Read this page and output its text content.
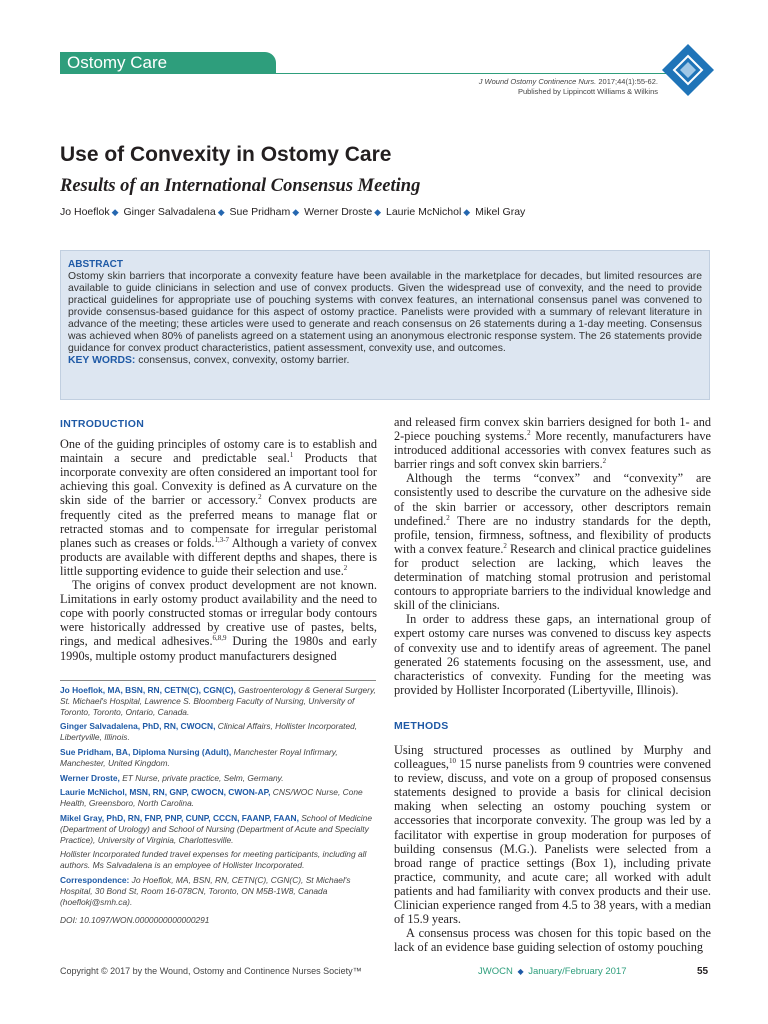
Ostomy Care
J Wound Ostomy Continence Nurs. 2017;44(1):55-62.
Published by Lippincott Williams & Wilkins
Use of Convexity in Ostomy Care
Results of an International Consensus Meeting
Jo Hoeflok ◆ Ginger Salvadalena ◆ Sue Pridham ◆ Werner Droste ◆ Laurie McNichol ◆ Mikel Gray
ABSTRACT
Ostomy skin barriers that incorporate a convexity feature have been available in the marketplace for decades, but limited resources are available to guide clinicians in selection and use of convex products. Given the widespread use of convexity, and the need to provide practical guidelines for appropriate use of pouching systems with convex features, an international consensus panel was convened to provide consensus-based guidance for this aspect of ostomy practice. Panelists were provided with a summary of relevant literature in advance of the meeting; these articles were used to generate and reach consensus on 26 statements during a 1-day meeting. Consensus was achieved when 80% of panelists agreed on a statement using an anonymous electronic response system. The 26 statements provide guidance for convex product characteristics, patient assessment, convexity use, and outcomes.
KEY WORDS: consensus, convex, convexity, ostomy barrier.
INTRODUCTION

One of the guiding principles of ostomy care is to establish and maintain a secure and predictable seal.$^1$ Products that incorporate convexity are often considered an important tool for achieving this goal. Convexity is defined as A curvature on the skin side of the barrier or accessory.$^2$ Convex products are frequently cited as the preferred means to manage flat or retracted stomas and to compensate for irregular peristomal planes such as creases or folds.$^{1,3-7}$ Although a variety of convex products are available with different depths and shapes, there is little supporting evidence to guide their selection and use.$^2$

The origins of convex product development are not known. Limitations in early ostomy product availability and the need to cope with poorly constructed stomas or irregular body contours were historically addressed by creative use of pastes, belts, rings, and medical adhesives.$^{6,8,9}$ During the 1980s and early 1990s, multiple ostomy product manufacturers designed

Jo Hoeflok, MA, BSN, RN, CETN(C), CGN(C), Gastroenterology & General Surgery, St. Michael's Hospital, Lawrence S. Bloomberg Faculty of Nursing, University of Toronto, Toronto, Ontario, Canada.
Ginger Salvadalena, PhD, RN, CWOCN, Clinical Affairs, Hollister Incorporated, Libertyville, Illinois.
Sue Pridham, BA, Diploma Nursing (Adult), Manchester Royal Infirmary, Manchester, United Kingdom.
Werner Droste, ET Nurse, private practice, Selm, Germany.
Laurie McNichol, MSN, RN, GNP, CWOCN, CWON-AP, CNS/WOC Nurse, Cone Health, Greensboro, North Carolina.
Mikel Gray, PhD, RN, FNP, PNP, CUNP, CCCN, FAANP, FAAN, School of Medicine (Department of Urology) and School of Nursing (Department of Acute and Specialty Practice), University of Virginia, Charlottesville.
Hollister Incorporated funded travel expenses for meeting participants, including all authors. Ms Salvadalena is an employee of Hollister Incorporated.
Correspondence: Jo Hoeflok, MA, BSN, RN, CETN(C), CGN(C), St Michael's Hospital, 30 Bond St, Room 16-078CN, Toronto, ON M5B-1W8, Canada (hoeflokj@smh.ca).
DOI: 10.1097/WON.0000000000000291

and released firm convex skin barriers designed for both 1- and 2-piece pouching systems.$^2$ More recently, manufacturers have introduced additional accessories with convex features such as barrier rings and soft convex skin barriers.$^2$

Although the terms “convex” and “convexity” are consistently used to describe the curvature on the adhesive side of the skin barrier or accessory, other descriptors remain undefined.$^2$ There are no industry standards for the depth, profile, tension, firmness, softness, and flexibility of products with a convex feature.$^2$ Research and clinical practice guidelines for product selection are lacking, which leaves the determination of matching stomal protrusion and peristomal contours to appropriate barriers to the individual knowledge and skill of the clinicians.

In order to address these gaps, an international group of expert ostomy care nurses was convened to discuss key aspects of convexity use and to identify areas of agreement. The panel generated 26 statements focusing on the assessment, use, and characteristics of convexity. Funding for the meeting was provided by Hollister Incorporated (Libertyville, Illinois).

METHODS

Using structured processes as outlined by Murphy and colleagues,$^{10}$ 15 nurse panelists from 9 countries were convened to review, discuss, and vote on a group of proposed consensus statements designed to provide a basis for clinical decision making when selecting an ostomy pouching system or accessories that incorporate convexity. The group was led by a facilitator with expertise in group moderation for purposes of building consensus (M.G.). Panelists were selected from a broad range of practice settings (Box 1), including private practice, community, and acute care; all worked with adult patients and had familiarity with convex products and their use. Clinician experience ranged from 4.5 to 38 years, with a median of 15.9 years.

A consensus process was chosen for this topic based on the lack of an evidence base guiding selection of ostomy pouching

Copyright © 2017 by the Wound, Ostomy and Continence Nurses Society™	JWOCN ◆ January/February 2017	55
